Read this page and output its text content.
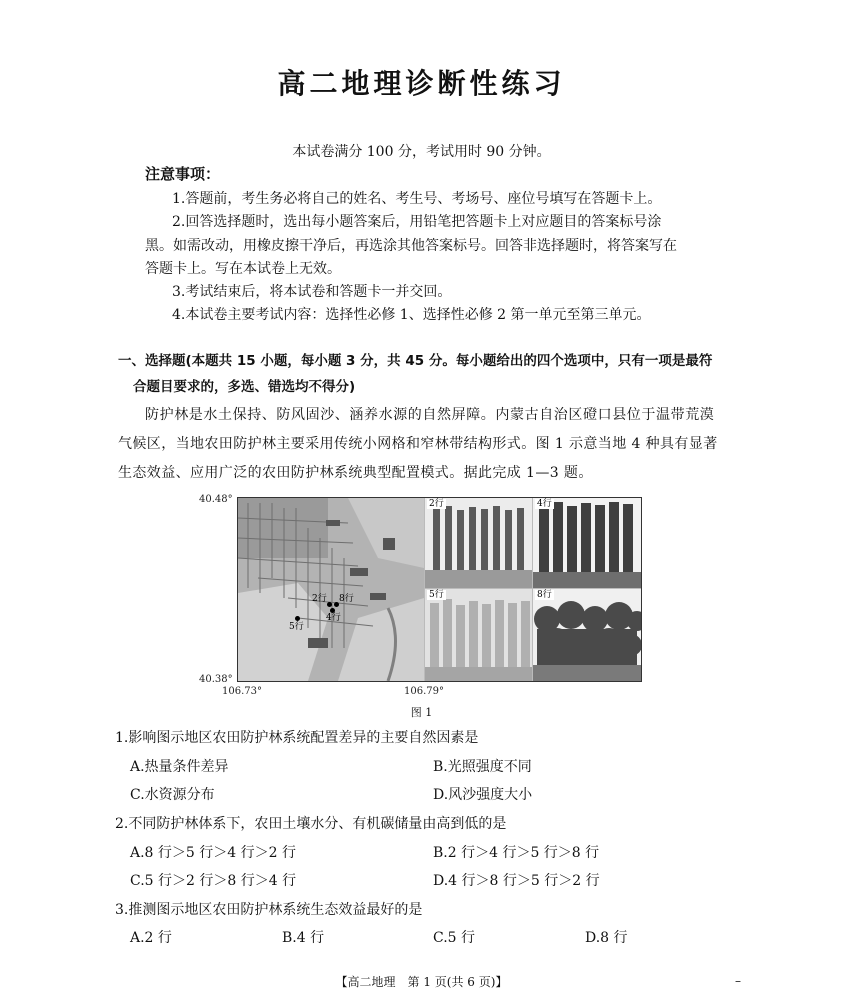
高二地理诊断性练习
本试卷满分 100 分，考试用时 90 分钟。
注意事项：
1.答题前，考生务必将自己的姓名、考生号、考场号、座位号填写在答题卡上。
2.回答选择题时，选出每小题答案后，用铅笔把答题卡上对应题目的答案标号涂
黑。如需改动，用橡皮擦干净后，再选涂其他答案标号。回答非选择题时，将答案写在
答题卡上。写在本试卷上无效。
3.考试结束后，将本试卷和答题卡一并交回。
4.本试卷主要考试内容：选择性必修 1、选择性必修 2 第一单元至第三单元。
一、选择题(本题共 15 小题，每小题 3 分，共 45 分。每小题给出的四个选项中，只有一项是最符
合题目要求的，多选、错选均不得分)
防护林是水土保持、防风固沙、涵养水源的自然屏障。内蒙古自治区磴口县位于温带荒漠
气候区，当地农田防护林主要采用传统小网格和窄林带结构形式。图 1 示意当地 4 种具有显著
生态效益、应用广泛的农田防护林系统典型配置模式。据此完成 1—3 题。
40.48°
40.38°
106.73°	106.79°
2行 8行
4行
5行
2行	4行
5行	8行
图 1
1.影响图示地区农田防护林系统配置差异的主要自然因素是
A.热量条件差异	B.光照强度不同
C.水资源分布	D.风沙强度大小
2.不同防护林体系下，农田土壤水分、有机碳储量由高到低的是
A.8 行＞5 行＞4 行＞2 行	B.2 行＞4 行＞5 行＞8 行
C.5 行＞2 行＞8 行＞4 行	D.4 行＞8 行＞5 行＞2 行
3.推测图示地区农田防护林系统生态效益最好的是
A.2 行	B.4 行	C.5 行	D.8 行
【高二地理　第 1 页(共 6 页)】	–
